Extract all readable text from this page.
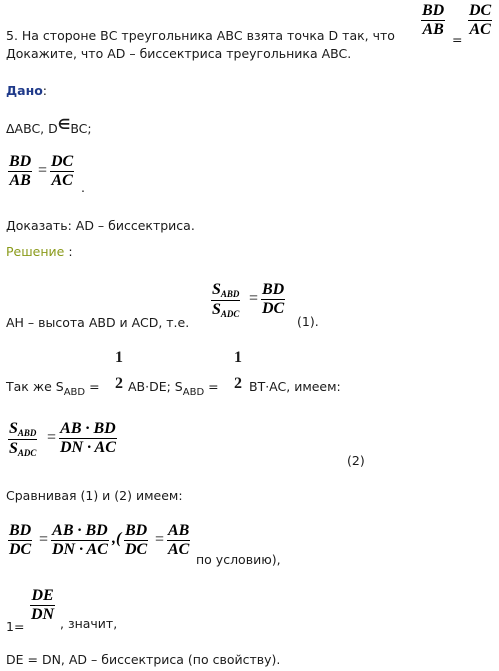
5. На стороне ВС треугольника АВС взята точка D так, что
BD
AB
=
DC
AC
Докажите, что AD – биссектриса треугольника ABC.
Дано:
ΔABC, D∈BC;
BD
AB
=
DC
AC .
Доказать: AD – биссектриса.
Решение :
AH – высота ABD и ACD, т.е.
$S_{ABD}$
$S_{ADC}$
=
BD
DC
(1).
Так же $S_{ABD}$ =
1
2 AB·DE; $S_{ABD}$ =
1
2 BT·AC, имеем:
$S_{ABD}$
$S_{ADC}$
=
AB · BD
DN · AC
(2)
Сравнивая (1) и (2) имеем:
BD
DC
=
AB · BD
DN · AC
,( BD
DC
=
AB
AC
по условию),
1=
DE
DN
, значит,
DE = DN, AD – биссектриса (по свойству).
